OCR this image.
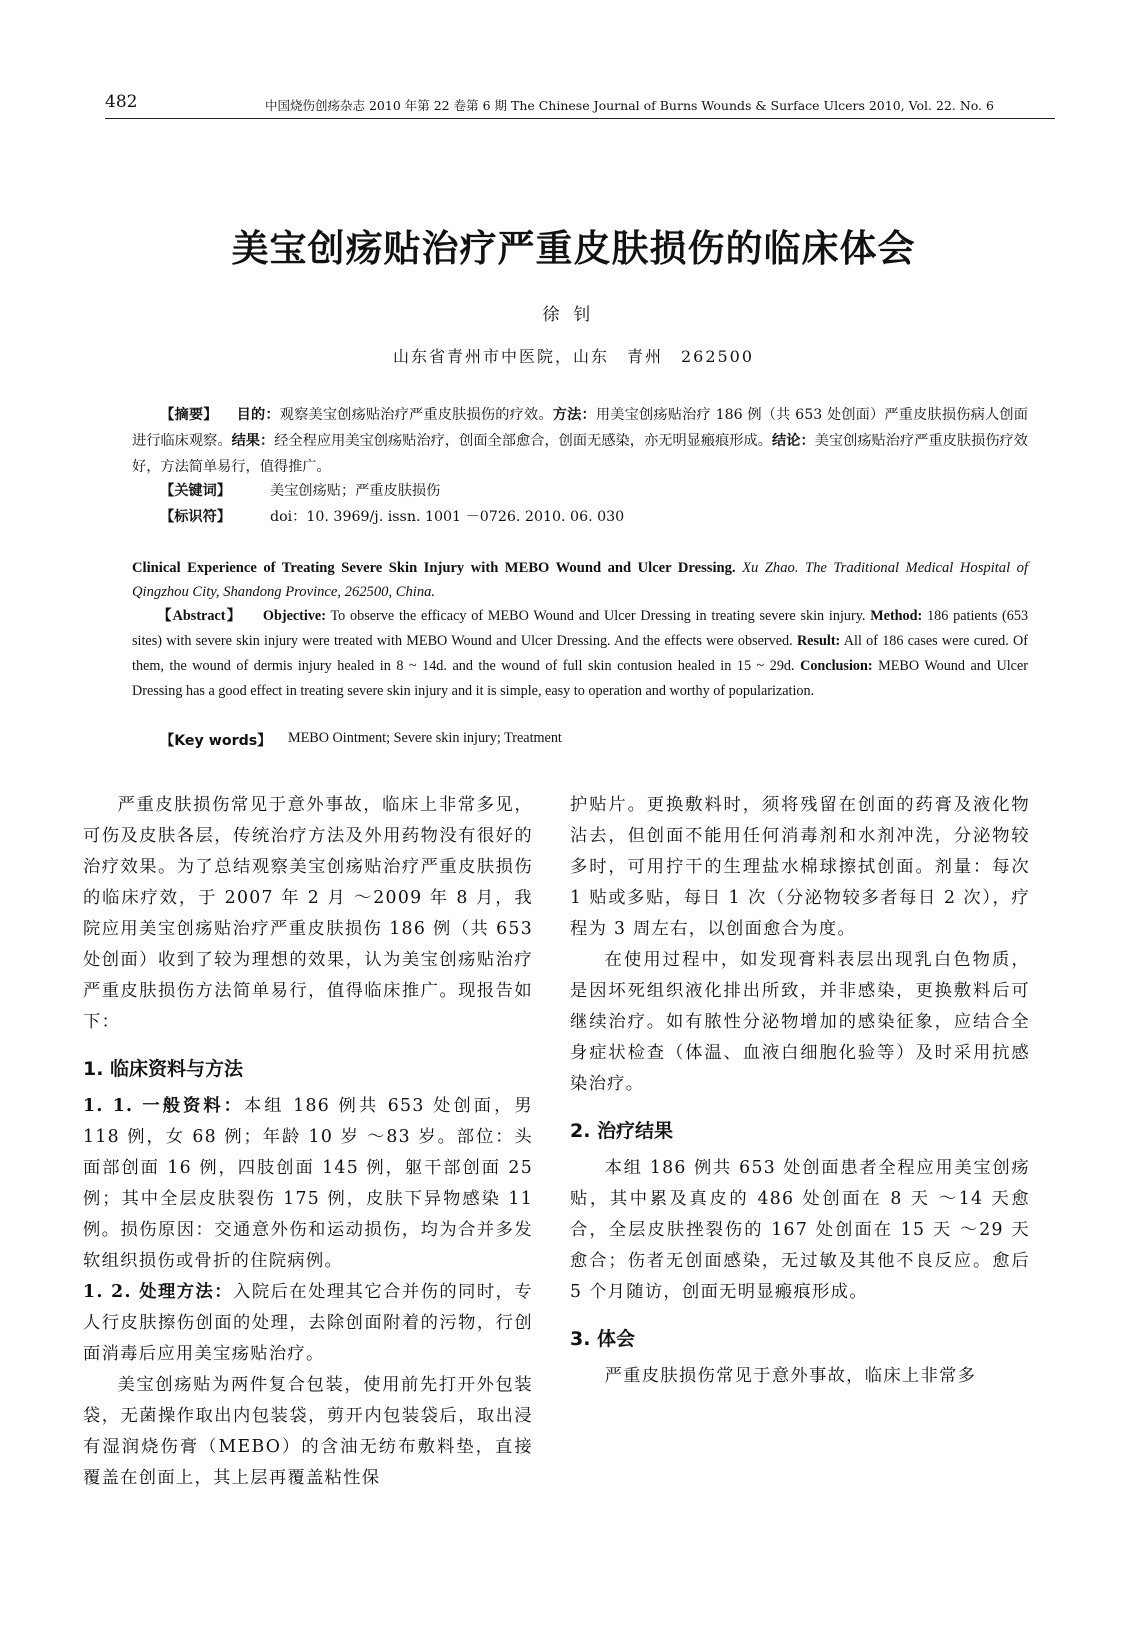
482	中国烧伤创疡杂志 2010 年第 22 卷第 6 期 The Chinese Journal of Burns Wounds & Surface Ulcers 2010, Vol. 22. No. 6
美宝创疡贴治疗严重皮肤损伤的临床体会
徐钊
山东省青州市中医院，山东　青州　262500
【摘要】 目的：观察美宝创疡贴治疗严重皮肤损伤的疗效。方法：用美宝创疡贴治疗 186 例（共 653 处创面）严重皮肤损伤病人创面进行临床观察。结果：经全程应用美宝创疡贴治疗，创面全部愈合，创面无感染，亦无明显瘢痕形成。结论：美宝创疡贴治疗严重皮肤损伤疗效好，方法简单易行，值得推广。
【关键词】	美宝创疡贴；严重皮肤损伤
【标识符】	doi：10. 3969/j. issn. 1001 －0726. 2010. 06. 030
Clinical Experience of Treating Severe Skin Injury with MEBO Wound and Ulcer Dressing. Xu Zhao. The Traditional Medical Hospital of Qingzhou City, Shandong Province, 262500, China.
【Abstract】 Objective: To observe the efficacy of MEBO Wound and Ulcer Dressing in treating severe skin injury. Method: 186 patients (653 sites) with severe skin injury were treated with MEBO Wound and Ulcer Dressing. And the effects were observed. Result: All of 186 cases were cured. Of them, the wound of dermis injury healed in 8 ~ 14d. and the wound of full skin contusion healed in 15 ~ 29d. Conclusion: MEBO Wound and Ulcer Dressing has a good effect in treating severe skin injury and it is simple, easy to operation and worthy of popularization.
【Key words】	MEBO Ointment; Severe skin injury; Treatment

严重皮肤损伤常见于意外事故，临床上非常多见，可伤及皮肤各层，传统治疗方法及外用药物没有很好的治疗效果。为了总结观察美宝创疡贴治疗严重皮肤损伤的临床疗效，于 2007 年 2 月 ～2009 年 8 月，我院应用美宝创疡贴治疗严重皮肤损伤 186 例（共 653 处创面）收到了较为理想的效果，认为美宝创疡贴治疗严重皮肤损伤方法简单易行，值得临床推广。现报告如下：

1. 临床资料与方法

1. 1. 一般资料：本组 186 例共 653 处创面，男 118 例，女 68 例；年龄 10 岁 ～83 岁。部位：头面部创面 16 例，四肢创面 145 例，躯干部创面 25 例；其中全层皮肤裂伤 175 例，皮肤下异物感染 11 例。损伤原因：交通意外伤和运动损伤，均为合并多发软组织损伤或骨折的住院病例。

1. 2. 处理方法：入院后在处理其它合并伤的同时，专人行皮肤擦伤创面的处理，去除创面附着的污物，行创面消毒后应用美宝疡贴治疗。

美宝创疡贴为两件复合包装，使用前先打开外包装袋，无菌操作取出内包装袋，剪开内包装袋后，取出浸有湿润烧伤膏（MEBO）的含油无纺布敷料垫，直接覆盖在创面上，其上层再覆盖粘性保

护贴片。更换敷料时，须将残留在创面的药膏及液化物沾去，但创面不能用任何消毒剂和水剂冲洗，分泌物较多时，可用拧干的生理盐水棉球擦拭创面。剂量：每次 1 贴或多贴，每日 1 次（分泌物较多者每日 2 次），疗程为 3 周左右，以创面愈合为度。

在使用过程中，如发现膏料表层出现乳白色物质，是因坏死组织液化排出所致，并非感染，更换敷料后可继续治疗。如有脓性分泌物增加的感染征象，应结合全身症状检查（体温、血液白细胞化验等）及时采用抗感染治疗。

2. 治疗结果

本组 186 例共 653 处创面患者全程应用美宝创疡贴，其中累及真皮的 486 处创面在 8 天 ～14 天愈合，全层皮肤挫裂伤的 167 处创面在 15 天 ～29 天愈合；伤者无创面感染，无过敏及其他不良反应。愈后 5 个月随访，创面无明显瘢痕形成。

3. 体会

严重皮肤损伤常见于意外事故，临床上非常多
